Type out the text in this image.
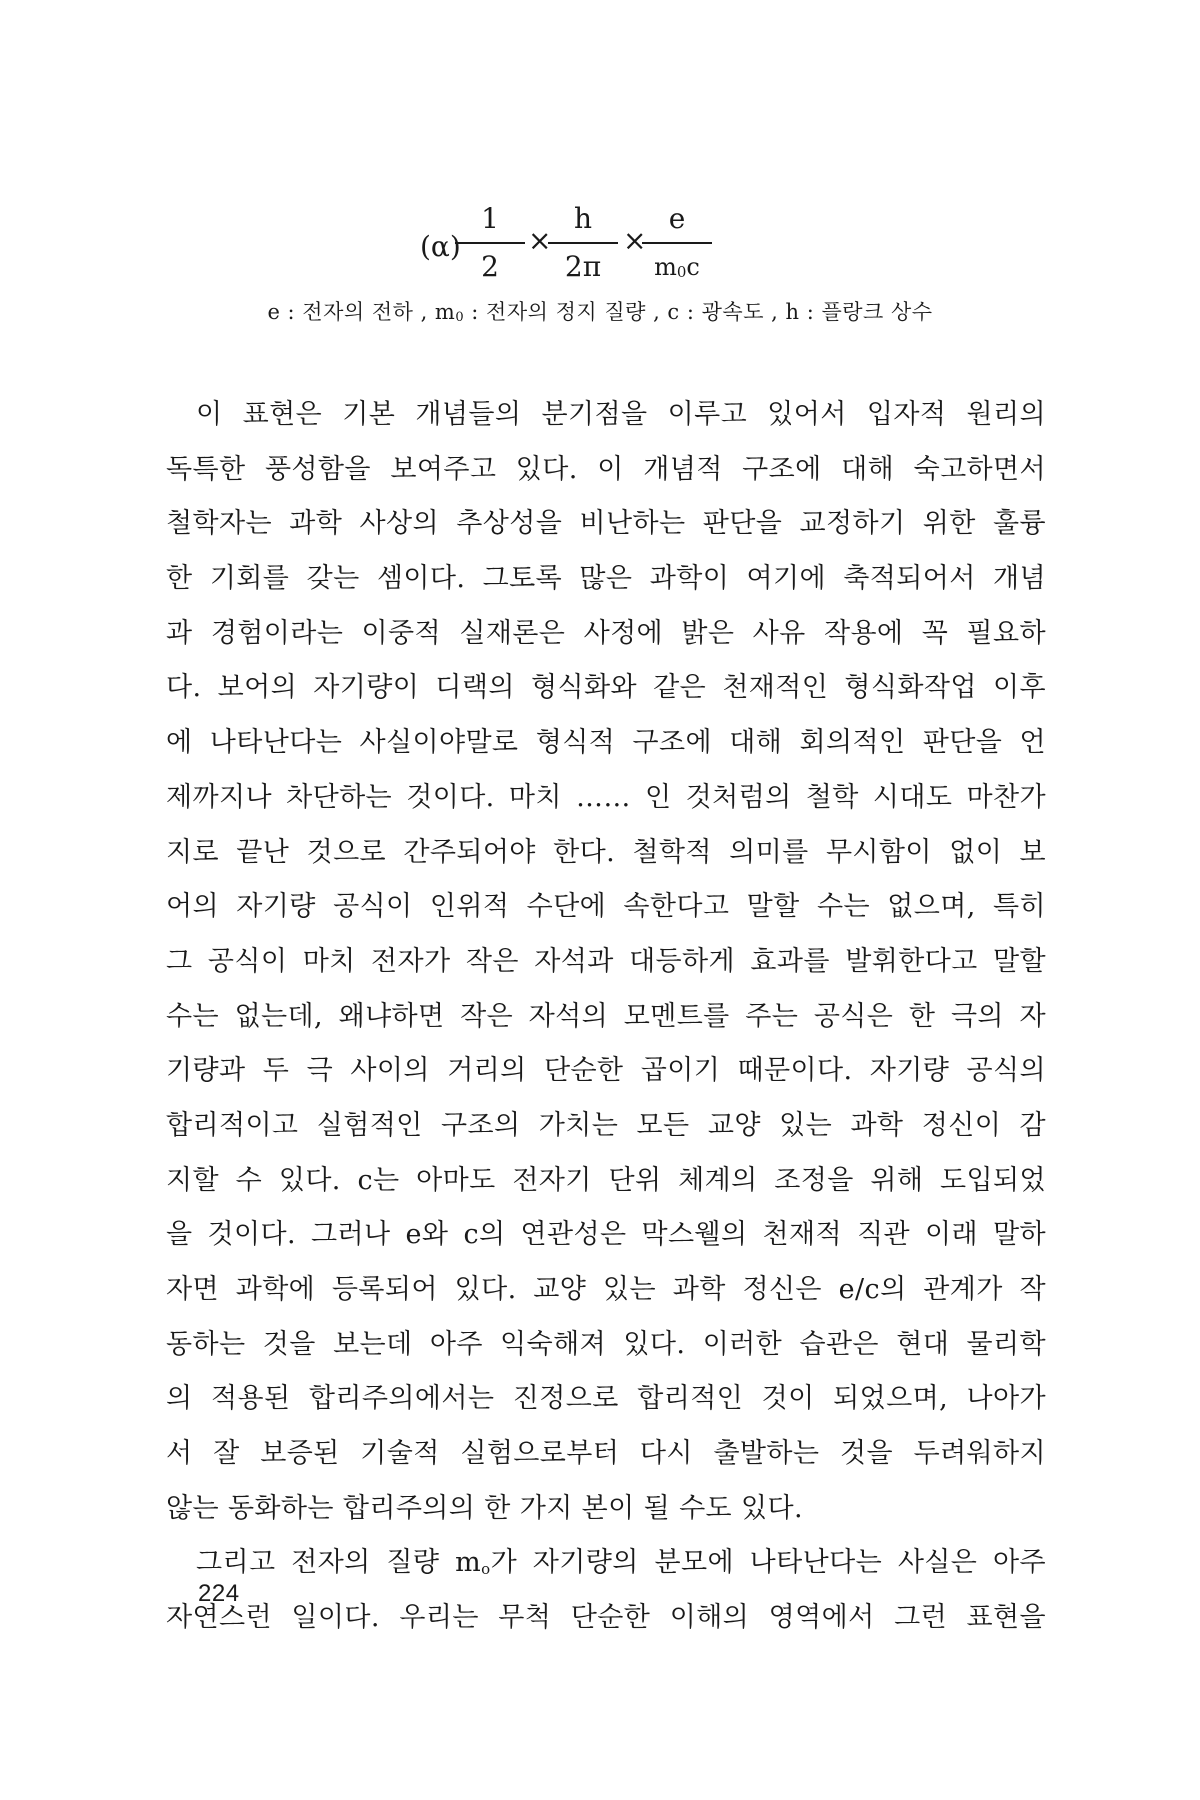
(α)
1
2
×
h
2π
×
e
m0c
e : 전자의 전하 , m0 : 전자의 정지 질량 , c : 광속도 , h : 플랑크 상수
이 표현은 기본 개념들의 분기점을 이루고 있어서 입자적 원리의
독특한 풍성함을 보여주고 있다. 이 개념적 구조에 대해 숙고하면서
철학자는 과학 사상의 추상성을 비난하는 판단을 교정하기 위한 훌륭
한 기회를 갖는 셈이다. 그토록 많은 과학이 여기에 축적되어서 개념
과 경험이라는 이중적 실재론은 사정에 밝은 사유 작용에 꼭 필요하
다. 보어의 자기량이 디랙의 형식화와 같은 천재적인 형식화작업 이후
에 나타난다는 사실이야말로 형식적 구조에 대해 회의적인 판단을 언
제까지나 차단하는 것이다. 마치 …… 인 것처럼의 철학 시대도 마찬가
지로 끝난 것으로 간주되어야 한다. 철학적 의미를 무시함이 없이 보
어의 자기량 공식이 인위적 수단에 속한다고 말할 수는 없으며, 특히
그 공식이 마치 전자가 작은 자석과 대등하게 효과를 발휘한다고 말할
수는 없는데, 왜냐하면 작은 자석의 모멘트를 주는 공식은 한 극의 자
기량과 두 극 사이의 거리의 단순한 곱이기 때문이다. 자기량 공식의
합리적이고 실험적인 구조의 가치는 모든 교양 있는 과학 정신이 감
지할 수 있다. c는 아마도 전자기 단위 체계의 조정을 위해 도입되었
을 것이다. 그러나 e와 c의 연관성은 막스웰의 천재적 직관 이래 말하
자면 과학에 등록되어 있다. 교양 있는 과학 정신은 e/c의 관계가 작
동하는 것을 보는데 아주 익숙해져 있다. 이러한 습관은 현대 물리학
의 적용된 합리주의에서는 진정으로 합리적인 것이 되었으며, 나아가
서 잘 보증된 기술적 실험으로부터 다시 출발하는 것을 두려워하지
않는 동화하는 합리주의의 한 가지 본이 될 수도 있다.
그리고 전자의 질량 $m_o$가 자기량의 분모에 나타난다는 사실은 아주
자연스런 일이다. 우리는 무척 단순한 이해의 영역에서 그런 표현을
224
